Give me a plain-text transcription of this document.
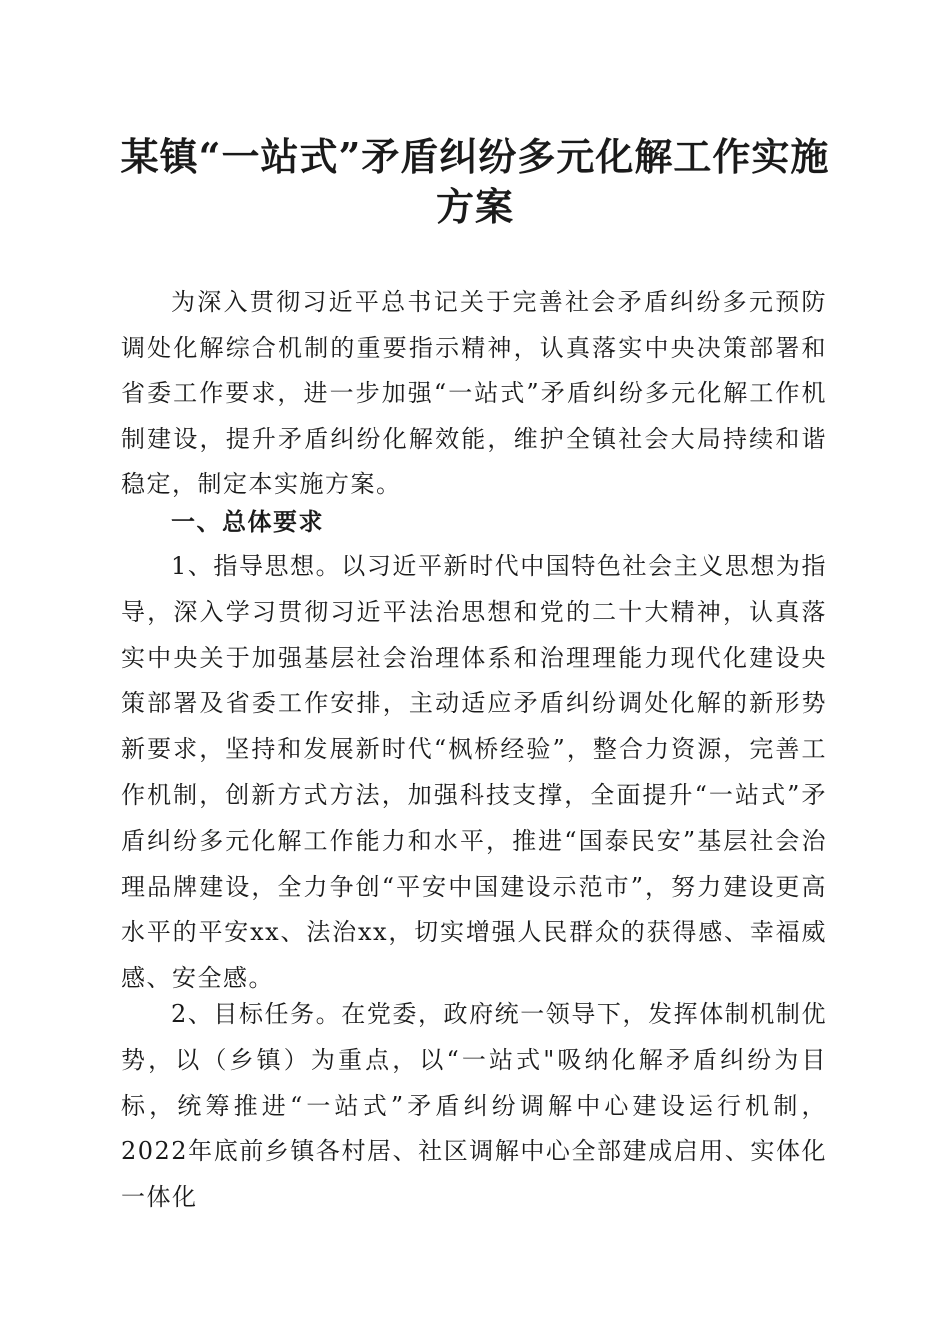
某镇“一站式”矛盾纠纷多元化解工作实施方案

为深入贯彻习近平总书记关于完善社会矛盾纠纷多元预防调处化解综合机制的重要指示精神，认真落实中央决策部署和省委工作要求，进一步加强“一站式”矛盾纠纷多元化解工作机制建设，提升矛盾纠纷化解效能，维护全镇社会大局持续和谐稳定，制定本实施方案。

一、总体要求

1、指导思想。以习近平新时代中国特色社会主义思想为指导，深入学习贯彻习近平法治思想和党的二十大精神，认真落实中央关于加强基层社会治理体系和治理理能力现代化建设央策部署及省委工作安排，主动适应矛盾纠纷调处化解的新形势新要求，坚持和发展新时代“枫桥经验”，整合力资源，完善工作机制，创新方式方法，加强科技支撑，全面提升“一站式”矛盾纠纷多元化解工作能力和水平，推进“国泰民安”基层社会治理品牌建设，全力争创“平安中国建设示范市”，努力建设更高水平的平安xx、法治xx，切实增强人民群众的获得感、幸福威感、安全感。

2、目标任务。在党委，政府统一领导下，发挥体制机制优势，以（乡镇）为重点，以“一站式"吸纳化解矛盾纠纷为目标，统筹推进“一站式”矛盾纠纷调解中心建设运行机制，2022年底前乡镇各村居、社区调解中心全部建成启用、实体化一体化
